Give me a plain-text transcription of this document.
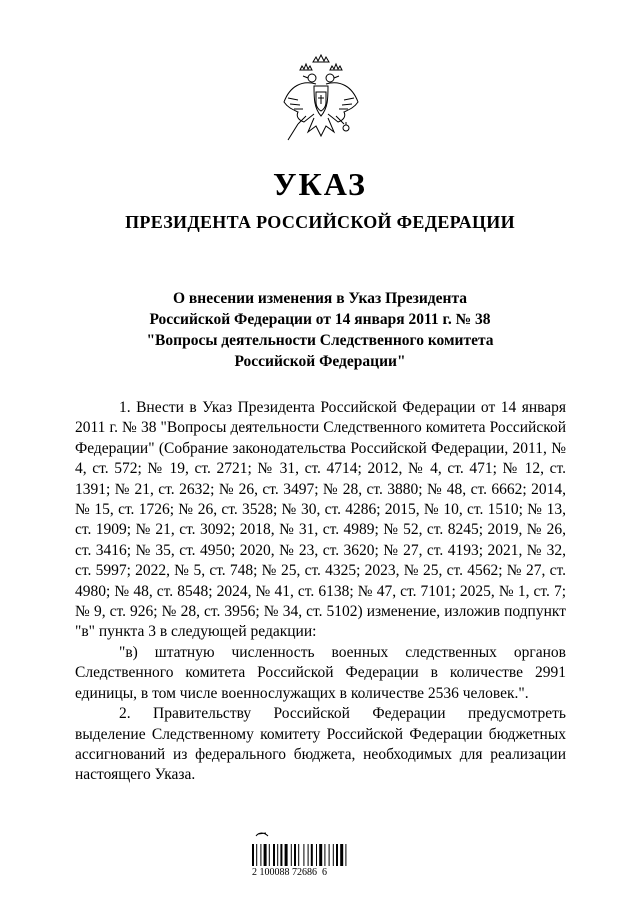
УКАЗ
ПРЕЗИДЕНТА РОССИЙСКОЙ ФЕДЕРАЦИИ
О внесении изменения в Указ Президента
Российской Федерации от 14 января 2011 г. № 38
"Вопросы деятельности Следственного комитета
Российской Федерации"

1. Внести в Указ Президента Российской Федерации от 14 января 2011 г. № 38 "Вопросы деятельности Следственного комитета Российской Федерации" (Собрание законодательства Российской Федерации, 2011, № 4, ст. 572; № 19, ст. 2721; № 31, ст. 4714; 2012, № 4, ст. 471; № 12, ст. 1391; № 21, ст. 2632; № 26, ст. 3497; № 28, ст. 3880; № 48, ст. 6662; 2014, № 15, ст. 1726; № 26, ст. 3528; № 30, ст. 4286; 2015, № 10, ст. 1510; № 13, ст. 1909; № 21, ст. 3092; 2018, № 31, ст. 4989; № 52, ст. 8245; 2019, № 26, ст. 3416; № 35, ст. 4950; 2020, № 23, ст. 3620; № 27, ст. 4193; 2021, № 32, ст. 5997; 2022, № 5, ст. 748; № 25, ст. 4325; 2023, № 25, ст. 4562; № 27, ст. 4980; № 48, ст. 8548; 2024, № 41, ст. 6138; № 47, ст. 7101; 2025, № 1, ст. 7; № 9, ст. 926; № 28, ст. 3956; № 34, ст. 5102) изменение, изложив подпункт "в" пункта 3 в следующей редакции:

"в) штатную численность военных следственных органов Следственного комитета Российской Федерации в количестве 2991 единицы, в том числе военнослужащих в количестве 2536 человек.".

2. Правительству Российской Федерации предусмотреть выделение Следственному комитету Российской Федерации бюджетных ассигнований из федерального бюджета, необходимых для реализации настоящего Указа.

2 100088 72686  6
